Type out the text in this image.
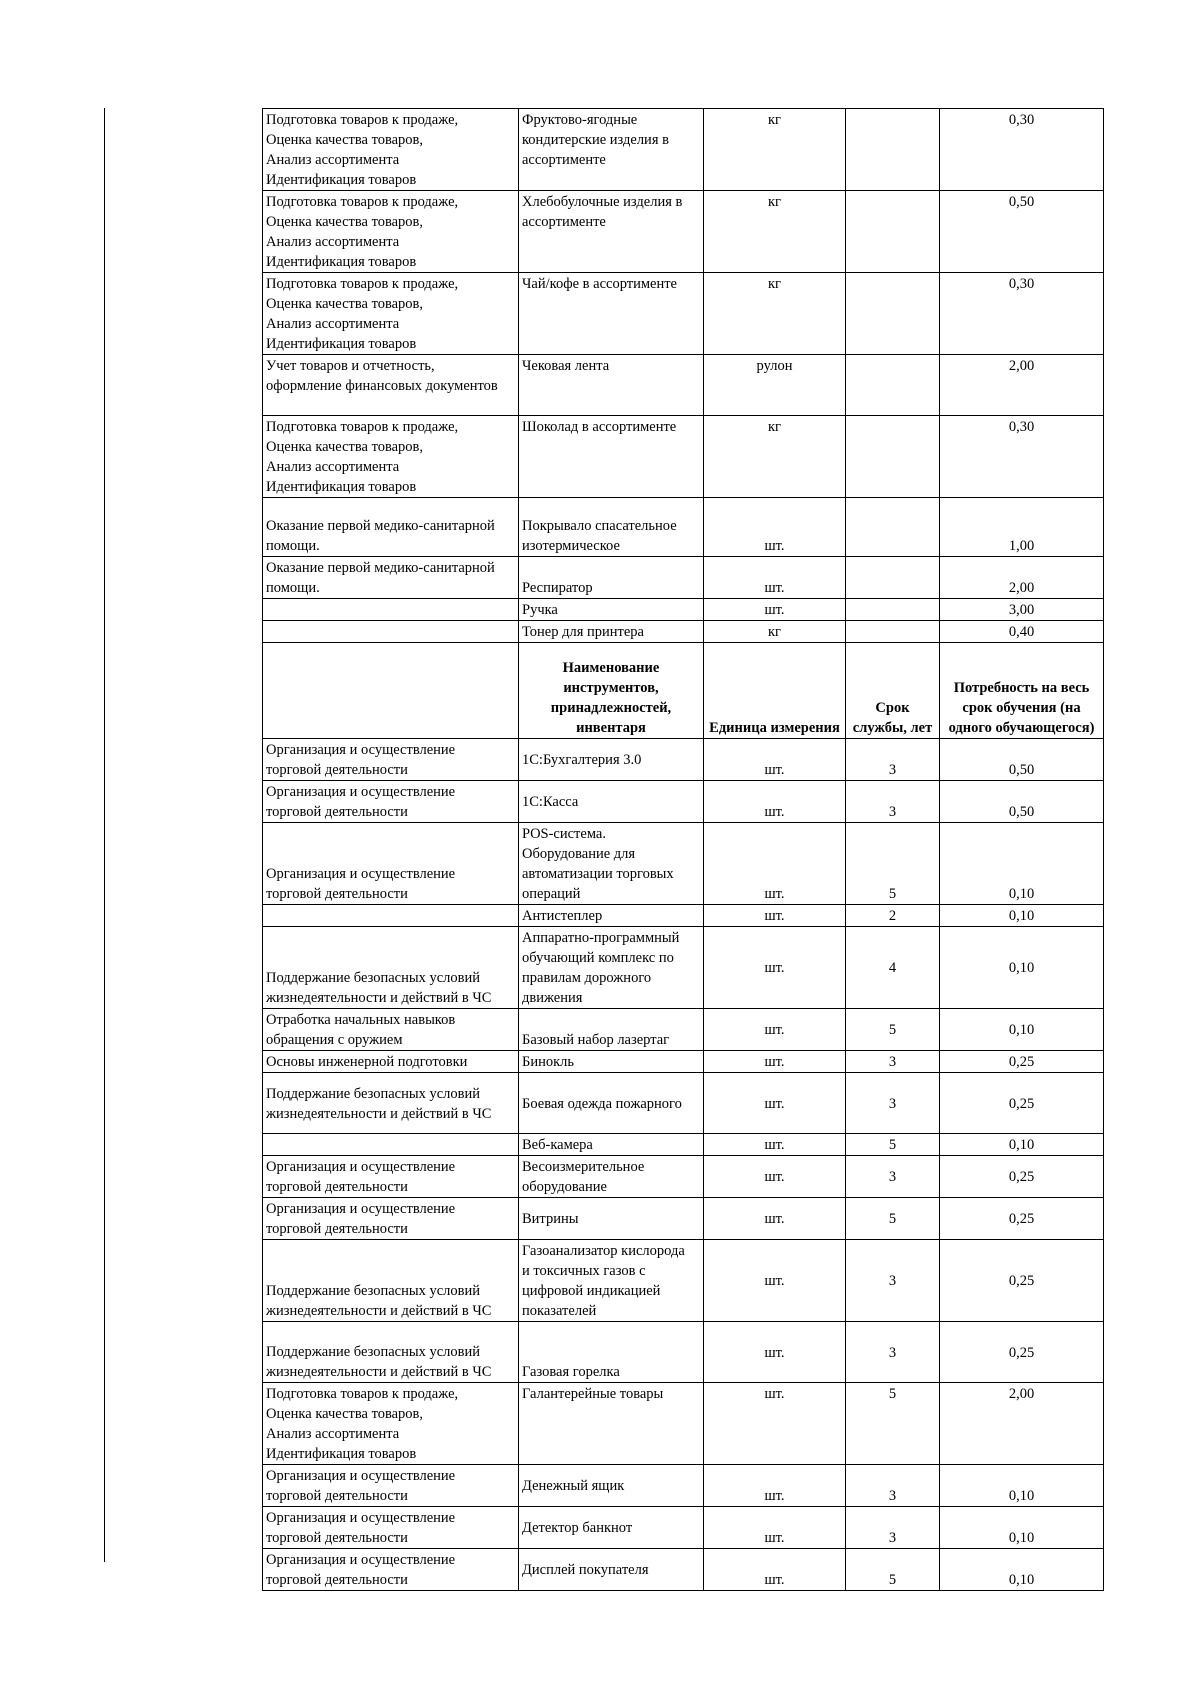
Подготовка товаров к продаже,
Оценка качества товаров,
Анализ ассортимента
Идентификация товаров	Фруктово-ягодные
кондитерские изделия в
ассортименте	кг		0,30
Подготовка товаров к продаже,
Оценка качества товаров,
Анализ ассортимента
Идентификация товаров	Хлебобулочные изделия в
ассортименте	кг		0,50
Подготовка товаров к продаже,
Оценка качества товаров,
Анализ ассортимента
Идентификация товаров	Чай/кофе в ассортименте	кг		0,30
Учет товаров и отчетность,
оформление финансовых документов	Чековая лента	рулон		2,00
Подготовка товаров к продаже,
Оценка качества товаров,
Анализ ассортимента
Идентификация товаров	Шоколад в ассортименте	кг		0,30
Оказание первой медико-санитарной
помощи.	Покрывало спасательное
изотермическое	шт.		1,00
Оказание первой медико-санитарной
помощи.	Респиратор	шт.		2,00
	Ручка	шт.		3,00
	Тонер для принтера	кг		0,40
	Наименование инструментов, принадлежностей, инвентаря	Единица измерения	Срок службы, лет	Потребность на весь срок обучения (на одного обучающегося)
Организация и осуществление
торговой деятельности	1С:Бухгалтерия 3.0	шт.	3	0,50
Организация и осуществление
торговой деятельности	1С:Касса	шт.	3	0,50
Организация и осуществление
торговой деятельности	POS-система.
Оборудование для
автоматизации торговых
операций	шт.	5	0,10
	Антистеплер	шт.	2	0,10
Поддержание безопасных условий
жизнедеятельности и действий в ЧС	Аппаратно-программный
обучающий комплекс по
правилам дорожного
движения	шт.	4	0,10
Отработка начальных навыков
обращения с оружием	Базовый набор лазертаг	шт.	5	0,10
Основы инженерной подготовки	Бинокль	шт.	3	0,25
Поддержание безопасных условий
жизнедеятельности и действий в ЧС	Боевая одежда пожарного	шт.	3	0,25
	Веб-камера	шт.	5	0,10
Организация и осуществление
торговой деятельности	Весоизмерительное
оборудование	шт.	3	0,25
Организация и осуществление
торговой деятельности	Витрины	шт.	5	0,25
Поддержание безопасных условий
жизнедеятельности и действий в ЧС	Газоанализатор кислорода
и токсичных газов с
цифровой индикацией
показателей	шт.	3	0,25
Поддержание безопасных условий
жизнедеятельности и действий в ЧС	Газовая горелка	шт.	3	0,25
Подготовка товаров к продаже,
Оценка качества товаров,
Анализ ассортимента
Идентификация товаров	Галантерейные товары	шт.	5	2,00
Организация и осуществление
торговой деятельности	Денежный ящик	шт.	3	0,10
Организация и осуществление
торговой деятельности	Детектор банкнот	шт.	3	0,10
Организация и осуществление
торговой деятельности	Дисплей покупателя	шт.	5	0,10
